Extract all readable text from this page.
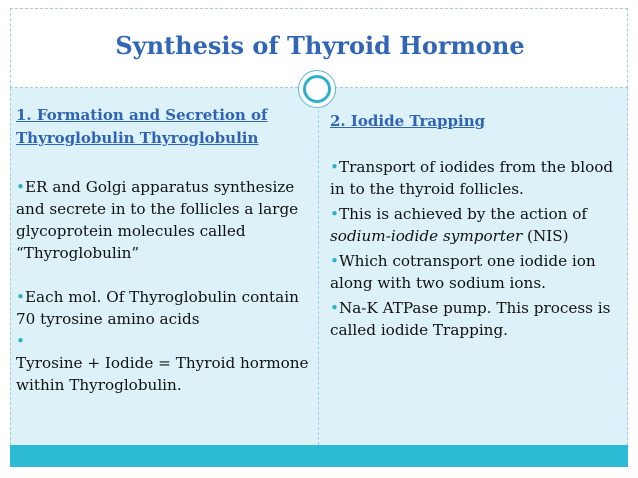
Synthesis of Thyroid Hormone

1. Formation and Secretion of Thyroglobulin Thyroglobulin

•ER and Golgi apparatus synthesize and secrete in to the follicles a large glycoprotein molecules called “Thyroglobulin”

•Each mol. Of Thyroglobulin contain 70 tyrosine amino acids

•

Tyrosine + Iodide = Thyroid hormone within Thyroglobulin.

2. Iodide Trapping

•Transport of iodides from the blood in to the thyroid follicles.

•This is achieved by the action of sodium-iodide symporter (NIS)

•Which cotransport one iodide ion along with two sodium ions.

•Na-K ATPase pump. This process is called iodide Trapping.
